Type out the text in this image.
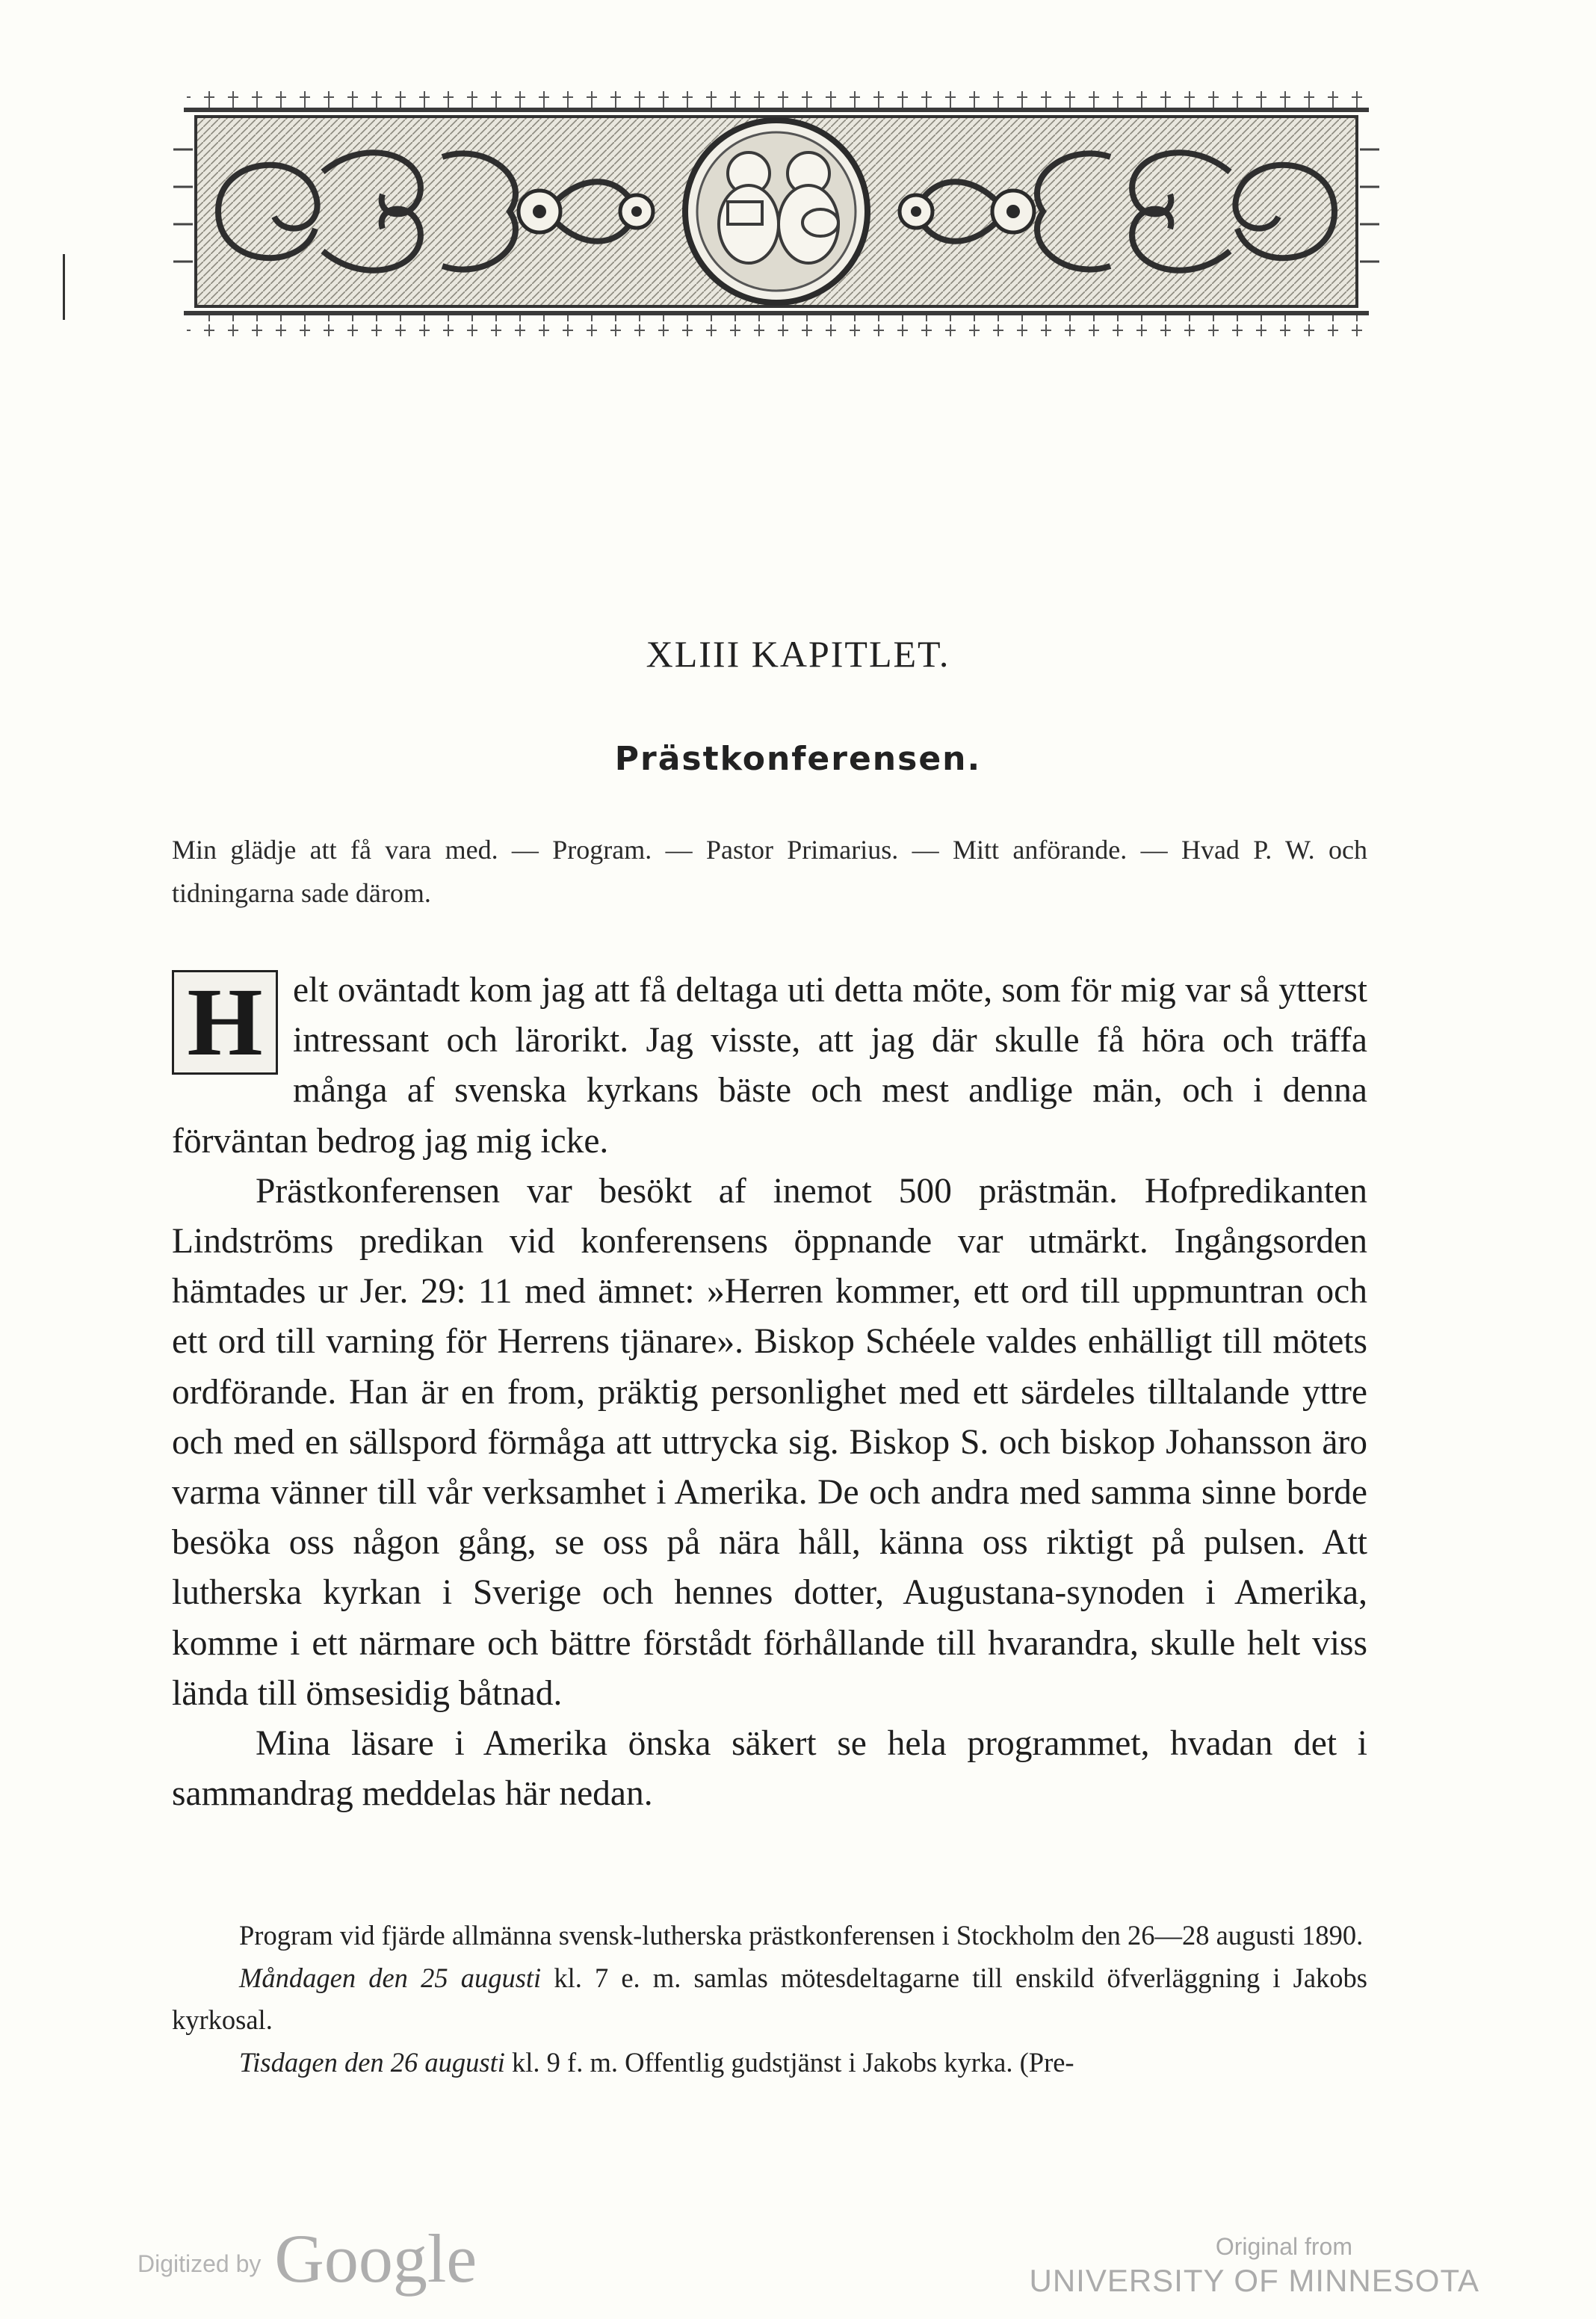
XLIII KAPITLET.
Prästkonferensen.
Min glädje att få vara med. — Program. — Pastor Primarius. — Mitt anförande. — Hvad P. W. och tidningarna sade därom.

H elt oväntadt kom jag att få deltaga uti detta möte, som för mig var så ytterst intressant och lärorikt. Jag visste, att jag där skulle få höra och träffa många af svenska kyrkans bäste och mest andlige män, och i denna förväntan bedrog jag mig icke.

Prästkonferensen var besökt af inemot 500 prästmän. Hofpredikanten Lindströms predikan vid konferensens öppnande var utmärkt. Ingångsorden hämtades ur Jer. 29: 11 med ämnet: »Herren kommer, ett ord till uppmuntran och ett ord till varning för Herrens tjänare». Biskop Schéele valdes enhälligt till mötets ordförande. Han är en from, präktig personlighet med ett särdeles tilltalande yttre och med en sällspord förmåga att uttrycka sig. Biskop S. och biskop Johansson äro varma vänner till vår verksamhet i Amerika. De och andra med samma sinne borde besöka oss någon gång, se oss på nära håll, känna oss riktigt på pulsen. Att lutherska kyrkan i Sverige och hennes dotter, Augustana-synoden i Amerika, komme i ett närmare och bättre förstådt förhållande till hvarandra, skulle helt viss lända till ömsesidig båtnad.

Mina läsare i Amerika önska säkert se hela programmet, hvadan det i sammandrag meddelas här nedan.

Program vid fjärde allmänna svensk-lutherska prästkonferensen i Stockholm den 26—28 augusti 1890.

Måndagen den 25 augusti kl. 7 e. m. samlas mötesdeltagarne till enskild öfverläggning i Jakobs kyrkosal.

Tisdagen den 26 augusti kl. 9 f. m. Offentlig gudstjänst i Jakobs kyrka. (Pre-

Digitized by Google	Original from
UNIVERSITY OF MINNESOTA
